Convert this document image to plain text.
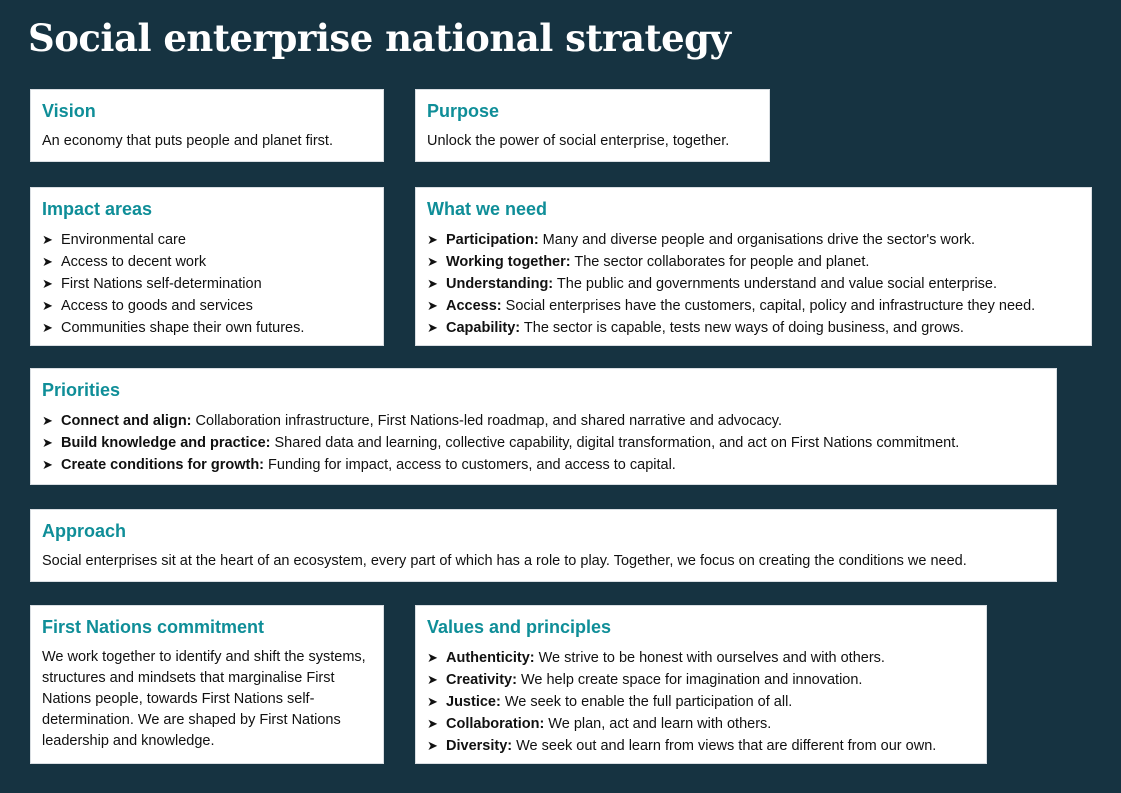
Social enterprise national strategy
Vision

An economy that puts people and planet first.

Purpose

Unlock the power of social enterprise, together.

Impact areas
➤ Environmental care
➤ Access to decent work
➤ First Nations self-determination
➤ Access to goods and services
➤ Communities shape their own futures.
What we need
➤ Participation: Many and diverse people and organisations drive the sector's work.
➤ Working together: The sector collaborates for people and planet.
➤ Understanding: The public and governments understand and value social enterprise.
➤ Access: Social enterprises have the customers, capital, policy and infrastructure they need.
➤ Capability: The sector is capable, tests new ways of doing business, and grows.
Priorities
➤ Connect and align: Collaboration infrastructure, First Nations-led roadmap, and shared narrative and advocacy.
➤ Build knowledge and practice: Shared data and learning, collective capability, digital transformation, and act on First Nations commitment.
➤ Create conditions for growth: Funding for impact, access to customers, and access to capital.
Approach

Social enterprises sit at the heart of an ecosystem, every part of which has a role to play. Together, we focus on creating the conditions we need.

First Nations commitment

We work together to identify and shift the systems, structures and mindsets that marginalise First Nations people, towards First Nations self-determination. We are shaped by First Nations leadership and knowledge.

Values and principles
➤ Authenticity: We strive to be honest with ourselves and with others.
➤ Creativity: We help create space for imagination and innovation.
➤ Justice: We seek to enable the full participation of all.
➤ Collaboration: We plan, act and learn with others.
➤ Diversity: We seek out and learn from views that are different from our own.
